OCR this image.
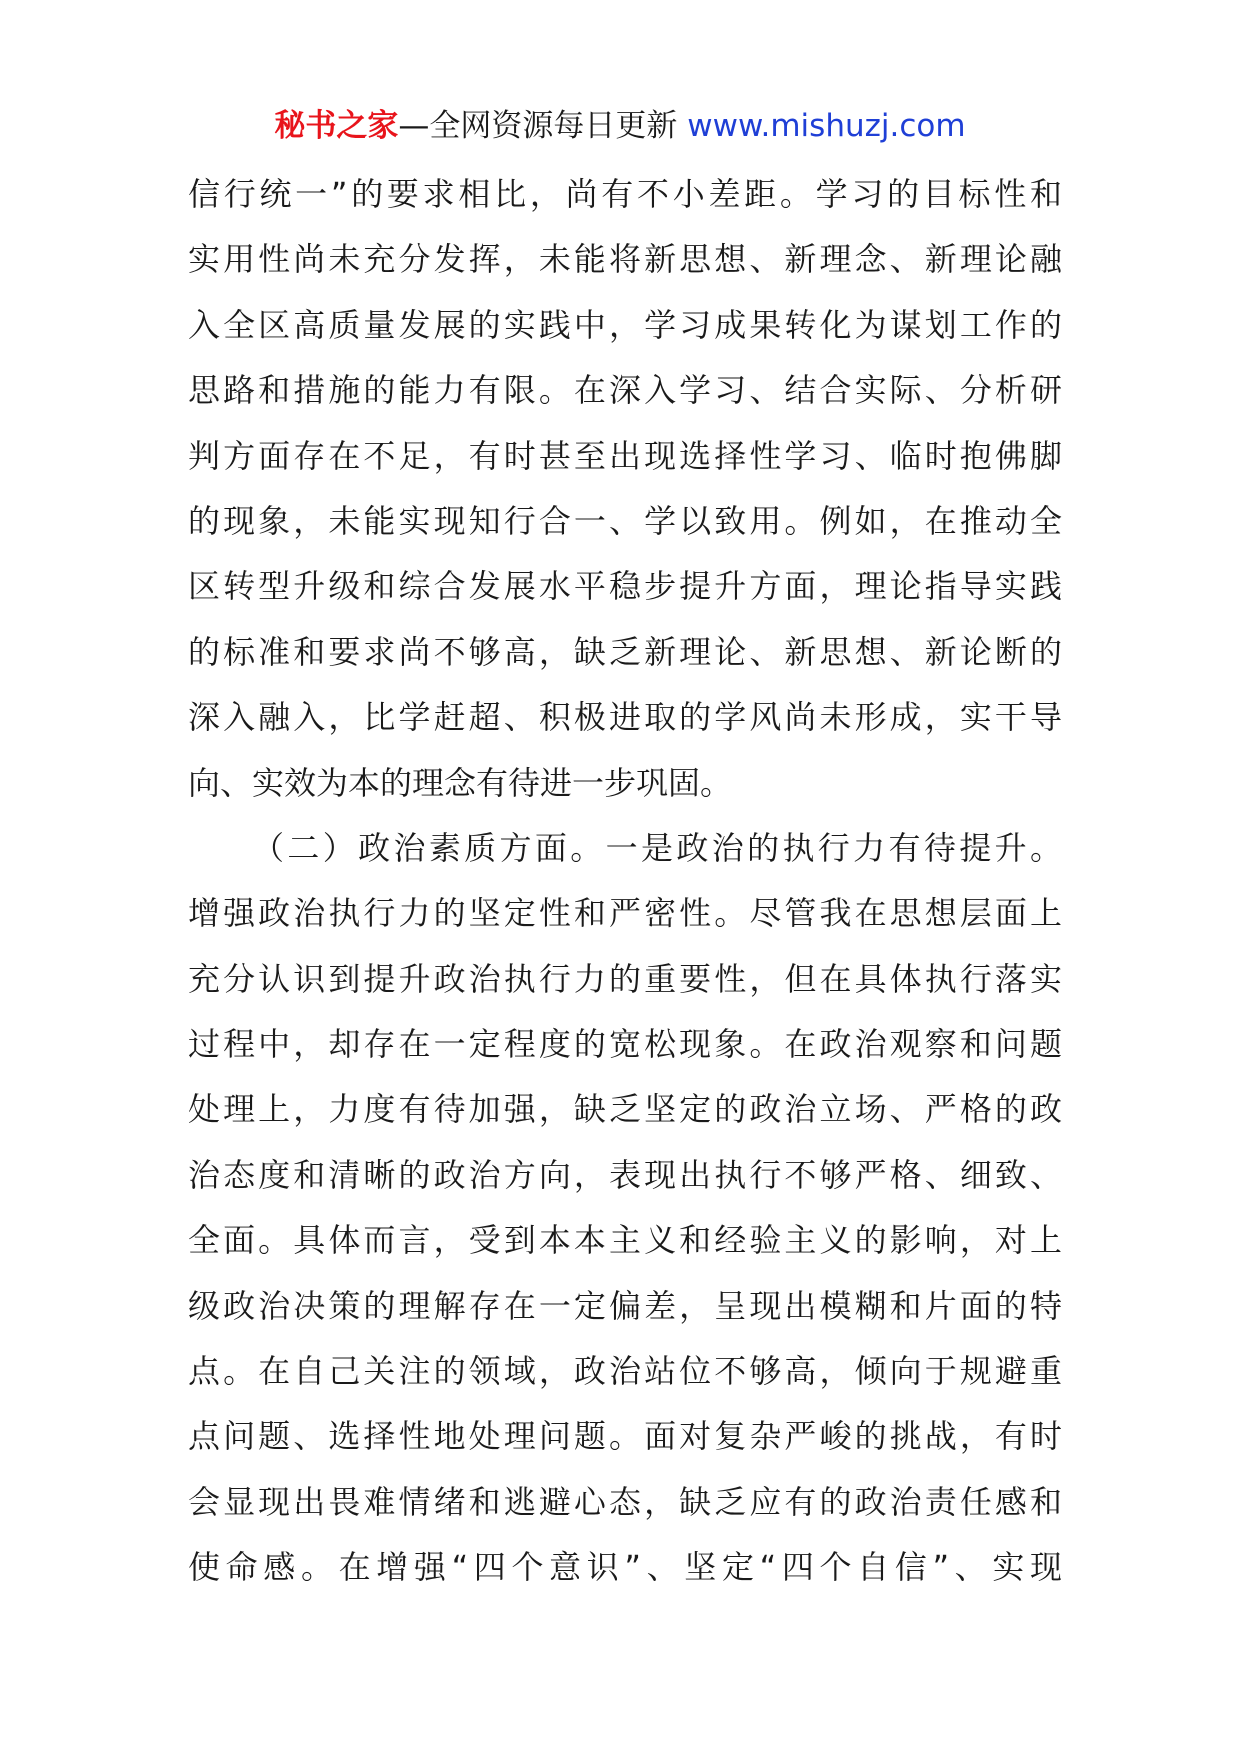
秘书之家—全网资源每日更新 www.mishuzj.com
信行统一”的要求相比，尚有不小差距。学习的目标性和
实用性尚未充分发挥，未能将新思想、新理念、新理论融
入全区高质量发展的实践中，学习成果转化为谋划工作的
思路和措施的能力有限。在深入学习、结合实际、分析研
判方面存在不足，有时甚至出现选择性学习、临时抱佛脚
的现象，未能实现知行合一、学以致用。例如，在推动全
区转型升级和综合发展水平稳步提升方面，理论指导实践
的标准和要求尚不够高，缺乏新理论、新思想、新论断的
深入融入，比学赶超、积极进取的学风尚未形成，实干导
向、实效为本的理念有待进一步巩固。
（二）政治素质方面。一是政治的执行力有待提升。
增强政治执行力的坚定性和严密性。尽管我在思想层面上
充分认识到提升政治执行力的重要性，但在具体执行落实
过程中，却存在一定程度的宽松现象。在政治观察和问题
处理上，力度有待加强，缺乏坚定的政治立场、严格的政
治态度和清晰的政治方向，表现出执行不够严格、细致、
全面。具体而言，受到本本主义和经验主义的影响，对上
级政治决策的理解存在一定偏差，呈现出模糊和片面的特
点。在自己关注的领域，政治站位不够高，倾向于规避重
点问题、选择性地处理问题。面对复杂严峻的挑战，有时
会显现出畏难情绪和逃避心态，缺乏应有的政治责任感和
使命感。在增强“四个意识”、坚定“四个自信”、实现
